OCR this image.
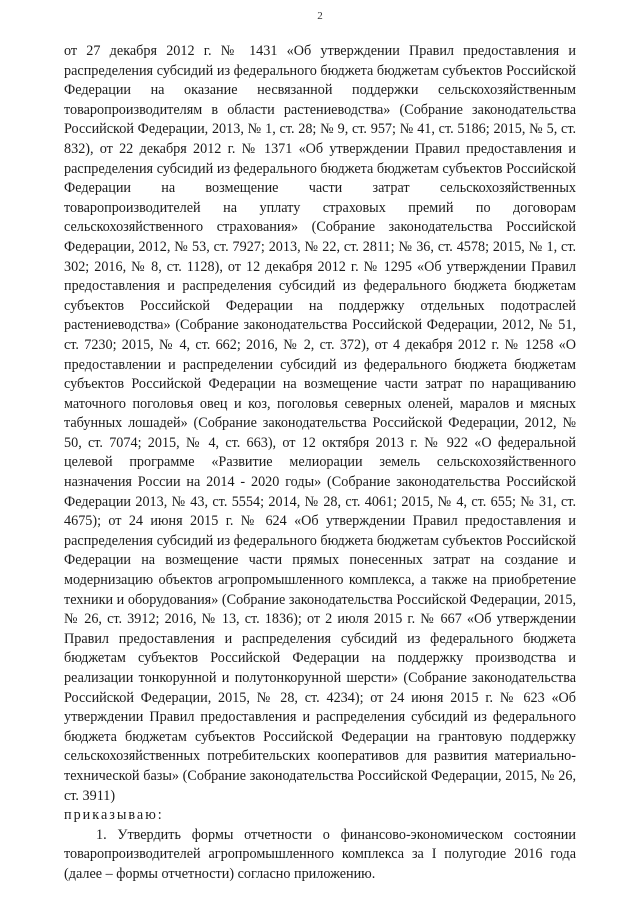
2

от 27 декабря 2012 г. № 1431 «Об утверждении Правил предоставления и распределения субсидий из федерального бюджета бюджетам субъектов Российской Федерации на оказание несвязанной поддержки сельскохозяйственным товаропроизводителям в области растениеводства» (Собрание законодательства Российской Федерации, 2013, № 1, ст. 28; № 9, ст. 957; № 41, ст. 5186; 2015, № 5, ст. 832), от 22 декабря 2012 г. № 1371 «Об утверждении Правил предоставления и распределения субсидий из федерального бюджета бюджетам субъектов Российской Федерации на возмещение части затрат сельскохозяйственных товаропроизводителей на уплату страховых премий по договорам сельскохозяйственного страхования» (Собрание законодательства Российской Федерации, 2012, № 53, ст. 7927; 2013, № 22, ст. 2811; № 36, ст. 4578; 2015, № 1, ст. 302; 2016, № 8, ст. 1128), от 12 декабря 2012 г. № 1295 «Об утверждении Правил предоставления и распределения субсидий из федерального бюджета бюджетам субъектов Российской Федерации на поддержку отдельных подотраслей растениеводства» (Собрание законодательства Российской Федерации, 2012, № 51, ст. 7230; 2015, № 4, ст. 662; 2016, № 2, ст. 372), от 4 декабря 2012 г. № 1258 «О предоставлении и распределении субсидий из федерального бюджета бюджетам субъектов Российской Федерации на возмещение части затрат по наращиванию маточного поголовья овец и коз, поголовья северных оленей, маралов и мясных табунных лошадей» (Собрание законодательства Российской Федерации, 2012, № 50, ст. 7074; 2015, № 4, ст. 663), от 12 октября 2013 г. № 922 «О федеральной целевой программе «Развитие мелиорации земель сельскохозяйственного назначения России на 2014 - 2020 годы» (Собрание законодательства Российской Федерации 2013, № 43, ст. 5554; 2014, № 28, ст. 4061; 2015, № 4, ст. 655; № 31, ст. 4675); от 24 июня 2015 г. № 624 «Об утверждении Правил предоставления и распределения субсидий из федерального бюджета бюджетам субъектов Российской Федерации на возмещение части прямых понесенных затрат на создание и модернизацию объектов агропромышленного комплекса, а также на приобретение техники и оборудования» (Собрание законодательства Российской Федерации, 2015, № 26, ст. 3912; 2016, № 13, ст. 1836); от 2 июля 2015 г. № 667 «Об утверждении Правил предоставления и распределения субсидий из федерального бюджета бюджетам субъектов Российской Федерации на поддержку производства и реализации тонкорунной и полутонкорунной шерсти» (Собрание законодательства Российской Федерации, 2015, № 28, ст. 4234); от 24 июня 2015 г. № 623 «Об утверждении Правил предоставления и распределения субсидий из федерального бюджета бюджетам субъектов Российской Федерации на грантовую поддержку сельскохозяйственных потребительских кооперативов для развития материально-технической базы» (Собрание законодательства Российской Федерации, 2015, № 26, ст. 3911)

приказываю:

1. Утвердить формы отчетности о финансово-экономическом состоянии товаропроизводителей агропромышленного комплекса за I полугодие 2016 года (далее – формы отчетности) согласно приложению.
